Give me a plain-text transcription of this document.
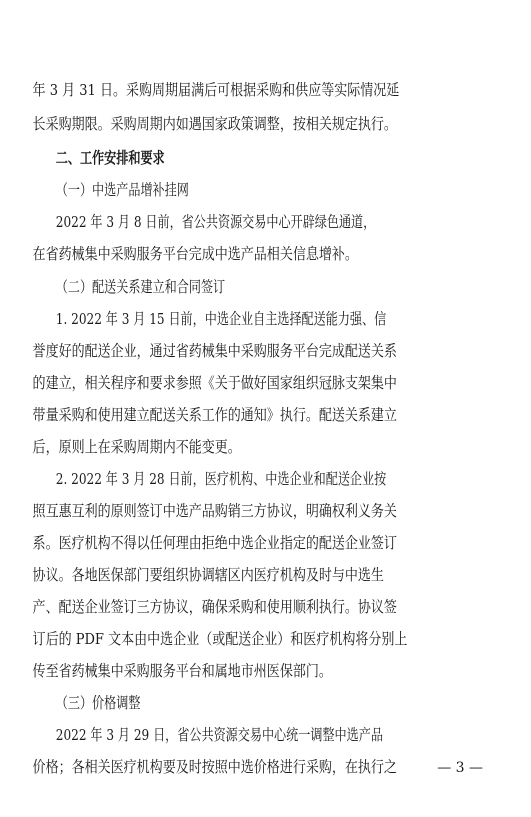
年 3 月 31 日。采购周期届满后可根据采购和供应等实际情况延
长采购期限。采购周期内如遇国家政策调整，按相关规定执行。
二、工作安排和要求
（一）中选产品增补挂网
2022 年 3 月 8 日前，省公共资源交易中心开辟绿色通道，
在省药械集中采购服务平台完成中选产品相关信息增补。
（二）配送关系建立和合同签订
1. 2022 年 3 月 15 日前，中选企业自主选择配送能力强、信
誉度好的配送企业，通过省药械集中采购服务平台完成配送关系
的建立，相关程序和要求参照《关于做好国家组织冠脉支架集中
带量采购和使用建立配送关系工作的通知》执行。配送关系建立
后，原则上在采购周期内不能变更。
2. 2022 年 3 月 28 日前，医疗机构、中选企业和配送企业按
照互惠互利的原则签订中选产品购销三方协议，明确权利义务关
系。医疗机构不得以任何理由拒绝中选企业指定的配送企业签订
协议。各地医保部门要组织协调辖区内医疗机构及时与中选生
产、配送企业签订三方协议，确保采购和使用顺利执行。协议签
订后的 PDF 文本由中选企业（或配送企业）和医疗机构将分别上
传至省药械集中采购服务平台和属地市州医保部门。
（三）价格调整
2022 年 3 月 29 日，省公共资源交易中心统一调整中选产品
价格；各相关医疗机构要及时按照中选价格进行采购，在执行之	— 3 —
